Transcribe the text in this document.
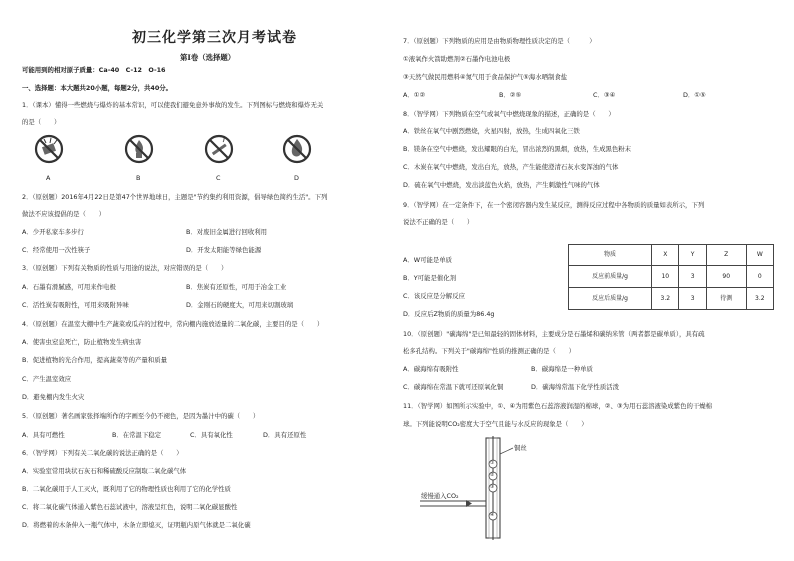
初三化学第三次月考试卷
第I卷（选择题）
可能用到的相对原子质量：Ca-40　C-12　O-16
一、选择题：本大题共20小题，每题2分，共40分。
1．（课本）懂得一些燃烧与爆炸的基本常识，可以使我们避免意外事故的发生。下列图标与燃烧和爆炸无关
的是（　　）
A	B	C	D
2．（原创题）2016年4月22日是第47个世界地球日，主题是"节约集约利用资源，倡导绿色简约生活"。下列
做法不应该提倡的是（　　）
A．少开私家车多步行	B．对废旧金属进行回收利用
C．经常使用一次性筷子	D．开发太阳能等绿色能源
3．（原创题）下列有关物质的性质与用途的说法，对应错误的是（　　）
A．石墨有滑腻感，可用来作电极	B．焦炭有还原性，可用于冶金工业
C．活性炭有吸附性，可用来吸附异味	D．金刚石的硬度大，可用来切割玻璃
4．（原创题）在温室大棚中生产蔬菜或瓜卉的过程中，常向棚内施放适量的二氧化碳，主要目的是（　　）
A．使害虫窒息死亡，防止植物发生病虫害
B．促进植物的光合作用，提高蔬菜等的产量和质量
C．产生温室效应
D．避免棚内发生火灾
5．（原创题）著名画家张择端所作的字画至今仍不褪色，是因为墨汁中的碳（　　）
A．具有可燃性	B．在常温下稳定	C．具有氧化性	D．具有还原性
6．（智学网）下列有关二氧化碳的说法正确的是（　　）
A．实验室常用块状石灰石和稀硫酸反应制取二氧化碳气体
B．二氧化碳用于人工灭火，既利用了它的物理性质也利用了它的化学性质
C．将二氧化碳气体通入紫色石蕊试液中，溶液呈红色，说明二氧化碳显酸性
D．将燃着的木条伸入一瓶气体中，木条立即熄灭，证明瓶内原气体就是二氧化碳
7．（原创题）下列物质的应用是由物质物理性质决定的是（　　　）
①液氧作火箭助燃剂②石墨作电池电极
③天然气做民用燃料④氮气用于食品保护气⑤海水晒制食盐
A．①②	B．②⑤	C．③④	D．①⑤
8．（智学网）下列物质在空气或氧气中燃烧现象的描述，正确的是（　　）
A．铁丝在氧气中剧烈燃烧，火星四射，放热，生成四氧化三铁
B．镁条在空气中燃烧，发出耀眼的白光，冒出浓烈的黑烟，放热，生成黑色粉末
C．木炭在氧气中燃烧，发出白光，放热，产生能使澄清石灰水变浑浊的气体
D．硫在氧气中燃烧，发出淡蓝色火焰，放热，产生刺激性气味的气体
9．（智学网）在一定条件下，在一个密闭容器内发生某反应，测得反应过程中各物质的质量如表所示，下列
说法不正确的是（　　）
A．W可能是单质
B．Y可能是催化剂
C．该反应是分解反应
D．反应后Z物质的质量为86.4g
物质	X	Y	Z	W
反应前质量/g	10	3	90	0
反应后质量/g	3.2	3	待测	3.2
10．（原创题）"碳海绵"是已知最轻的固体材料，主要成分是石墨烯和碳纳米管（两者都是碳单质），具有疏
松多孔结构。下列关于"碳海绵"性质的推测正确的是（　　）
A．碳海绵有吸附性	B．碳海绵是一种单质
C．碳海绵在常温下就可还原氧化铜	D．碳海绵常温下化学性质活泼
11．（智学网）如图所示实验中，①、④为用紫色石蕊溶液润湿的棉球，②、③为用石蕊溶液染成紫色的干燥棉
球。下列能说明CO₂密度大于空气且能与水反应的现象是（　　）
缓慢通入CO₂
铜丝
①
②
③
④
